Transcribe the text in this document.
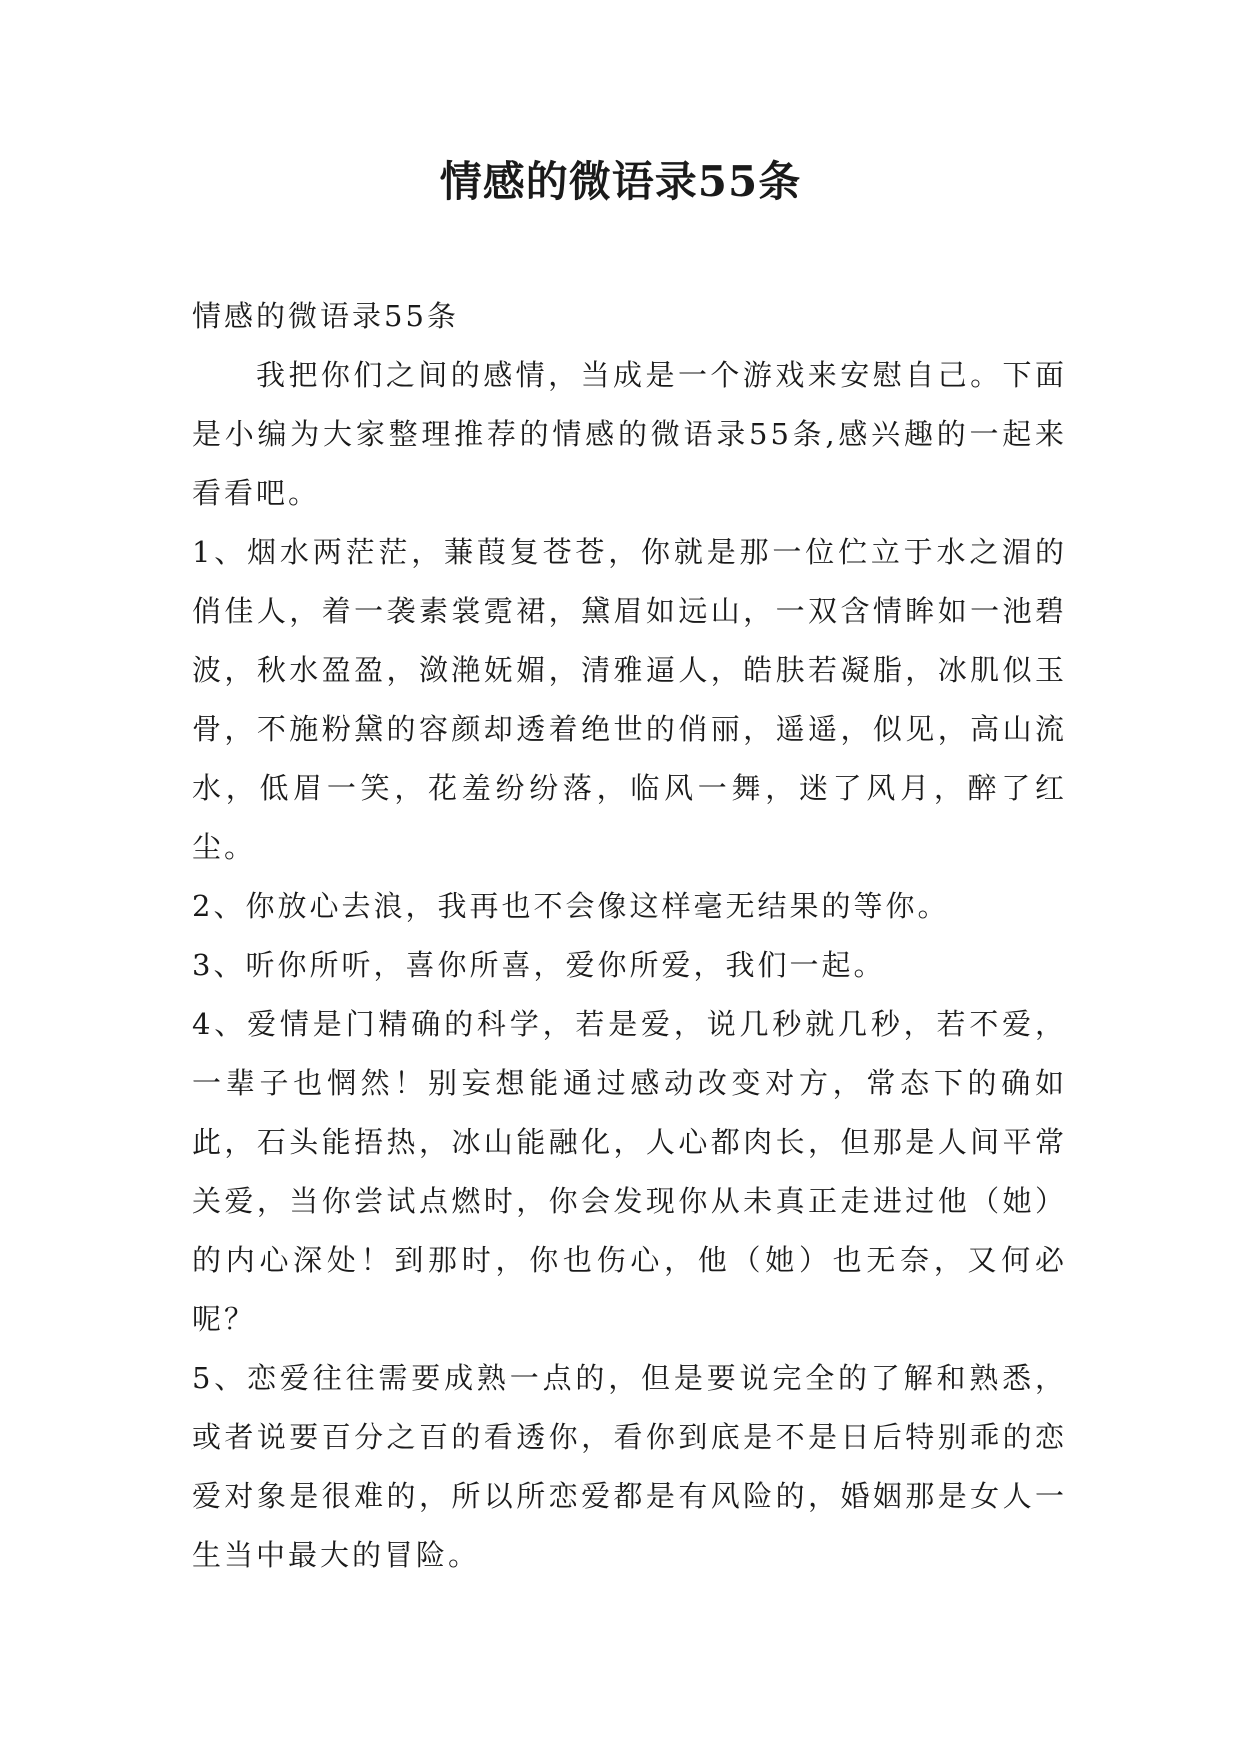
情感的微语录55条

情感的微语录55条

我把你们之间的感情，当成是一个游戏来安慰自己。下面是小编为大家整理推荐的情感的微语录55条,感兴趣的一起来看看吧。

1、烟水两茫茫，蒹葭复苍苍，你就是那一位伫立于水之湄的俏佳人，着一袭素裳霓裙，黛眉如远山，一双含情眸如一池碧波，秋水盈盈，潋滟妩媚，清雅逼人，皓肤若凝脂，冰肌似玉骨，不施粉黛的容颜却透着绝世的俏丽，遥遥，似见，高山流水，低眉一笑，花羞纷纷落，临风一舞，迷了风月，醉了红尘。

2、你放心去浪，我再也不会像这样毫无结果的等你。

3、听你所听，喜你所喜，爱你所爱，我们一起。

4、爱情是门精确的科学，若是爱，说几秒就几秒，若不爱，一辈子也惘然！别妄想能通过感动改变对方，常态下的确如此，石头能捂热，冰山能融化，人心都肉长，但那是人间平常关爱，当你尝试点燃时，你会发现你从未真正走进过他（她）的内心深处！到那时，你也伤心，他（她）也无奈，又何必呢？

5、恋爱往往需要成熟一点的，但是要说完全的了解和熟悉，或者说要百分之百的看透你，看你到底是不是日后特别乖的恋爱对象是很难的，所以所恋爱都是有风险的，婚姻那是女人一生当中最大的冒险。
